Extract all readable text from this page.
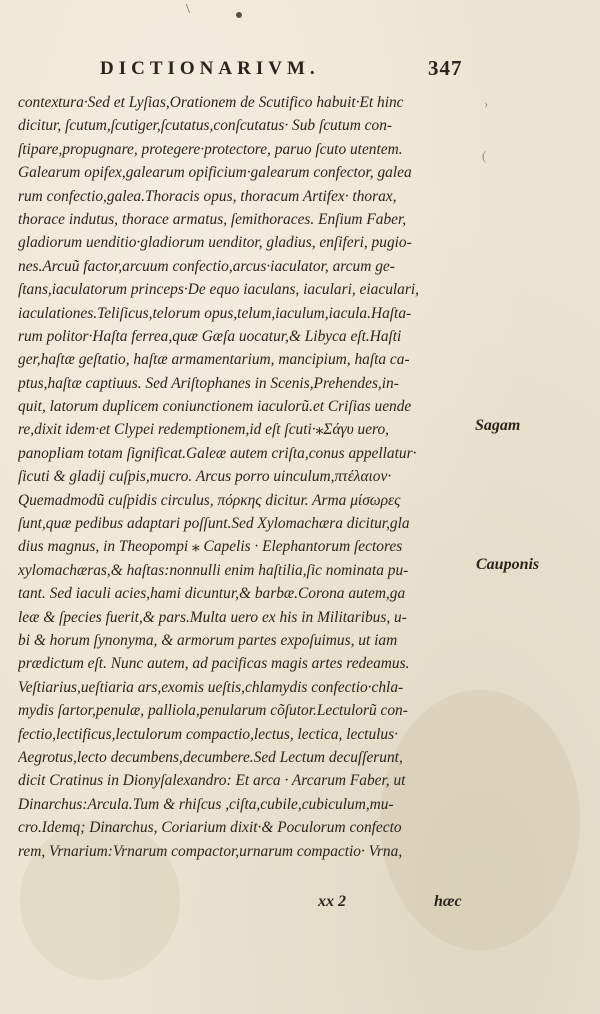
\
DICTIONARIVM.	347
contextura·Sed et Lyſias,Orationem de Scutifico habuit·Et hinc
dicitur, ſcutum,ſcutiger,ſcutatus,conſcutatus· Sub ſcutum con-
ſtipare,propugnare, protegere·protectore, paruo ſcuto utentem.
Galearum opifex,galearum opificium·galearum confector, galea
rum confectio,galea.Thoracis opus, thoracum Artifex· thorax,
thorace indutus, thorace armatus, ſemithoraces. Enſium Faber,
gladiorum uenditio·gladiorum uenditor, gladius, enſiferi, pugio-
nes.Arcuũ factor,arcuum confectio,arcus·iaculator, arcum ge-
ſtans,iaculatorum princeps·De equo iaculans, iaculari, eiaculari,
iaculationes.Teliſicus,telorum opus,telum,iaculum,iacula.Haſta-
rum politor·Haſta ferrea,quæ Gæſa uocatur,& Libyca eſt.Haſti
ger,haſtæ geſtatio, haſtæ armamentarium, mancipium, haſta ca-
ptus,haſtæ captiuus. Sed Ariſtophanes in Scenis,Prehendes,in-
quit, latorum duplicem coniunctionem iaculorũ.et Criſias uende
re,dixit idem·et Clypei redemptionem,id eſt ſcuti·⁎Σάγυ uero,
panopliam totam ſignificat.Galeæ autem criſta,conus appellatur·
ſicuti & gladij cuſpis,mucro. Arcus porro uinculum,πτέλαιον·
Quemadmodũ cuſpidis circulus, πόρκης dicitur. Arma μίσωρες
ſunt,quæ pedibus adaptari poſſunt.Sed Xylomachæra dicitur,gla
dius magnus, in Theopompi ⁎ Capelis · Elephantorum ſectores
xylomachæras,& haſtas:nonnulli enim haſtilia,ſic nominata pu-
tant. Sed iaculi acies,hami dicuntur,& barbæ.Corona autem,ga
leæ & ſpecies fuerit,& pars.Multa uero ex his in Militaribus, u-
bi & horum ſynonyma, & armorum partes expoſuimus, ut iam
prædictum eſt. Nunc autem, ad pacificas magis artes redeamus.
Veſtiarius,ueſtiaria ars,exomis ueſtis,chlamydis confectio·chla-
mydis ſartor,penulæ, palliola,penularum cõſutor.Lectulorũ con-
fectio,lectificus,lectulorum compactio,lectus, lectica, lectulus·
Aegrotus,lecto decumbens,decumbere.Sed Lectum decuſſerunt,
dicit Cratinus in Dionyſalexandro: Et arca · Arcarum Faber, ut
Dinarchus:Arcula.Tum & rhiſcus ,ciſta,cubile,cubiculum,mu-
cro.Idemq; Dinarchus, Coriarium dixit·& Poculorum confecto
rem, Vrnarium:Vrnarum compactor,urnarum compactio· Vrna,
Sagam
Cauponis
›
(
xx 2	hæc
